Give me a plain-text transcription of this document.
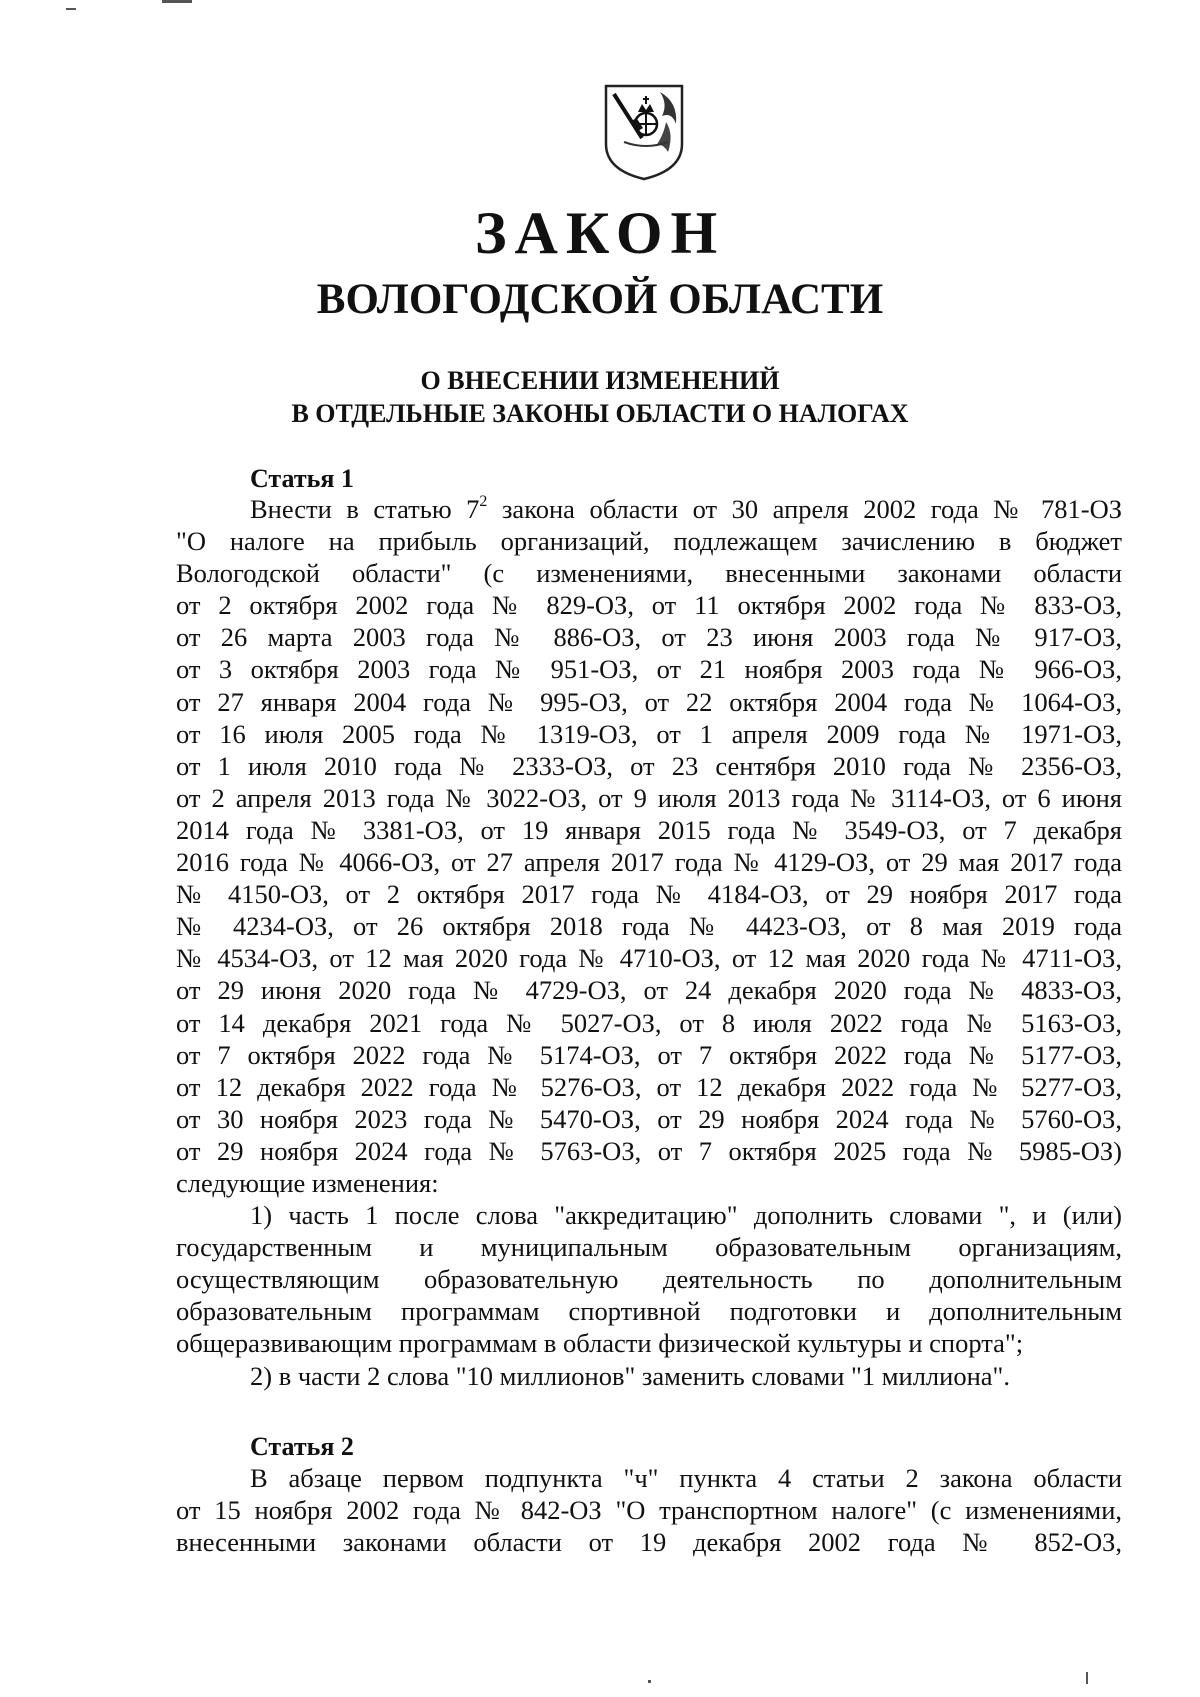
ЗАКОН
ВОЛОГОДСКОЙ ОБЛАСТИ
О ВНЕСЕНИИ ИЗМЕНЕНИЙ
В ОТДЕЛЬНЫЕ ЗАКОНЫ ОБЛАСТИ О НАЛОГАХ
Статья 1

Внести в статью $7^2$ закона области от 30 апреля 2002 года № 781-ОЗ

"О налоге на прибыль организаций, подлежащем зачислению в бюджет

Вологодской области" (с изменениями, внесенными законами области

от 2 октября 2002 года № 829-ОЗ, от 11 октября 2002 года № 833-ОЗ,

от 26 марта 2003 года № 886-ОЗ, от 23 июня 2003 года № 917-ОЗ,

от 3 октября 2003 года № 951-ОЗ, от 21 ноября 2003 года № 966-ОЗ,

от 27 января 2004 года № 995-ОЗ, от 22 октября 2004 года № 1064-ОЗ,

от 16 июля 2005 года № 1319-ОЗ, от 1 апреля 2009 года № 1971-ОЗ,

от 1 июля 2010 года № 2333-ОЗ, от 23 сентября 2010 года № 2356-ОЗ,

от 2 апреля 2013 года № 3022-ОЗ, от 9 июля 2013 года № 3114-ОЗ, от 6 июня

2014 года № 3381-ОЗ, от 19 января 2015 года № 3549-ОЗ, от 7 декабря

2016 года № 4066-ОЗ, от 27 апреля 2017 года № 4129-ОЗ, от 29 мая 2017 года

№ 4150-ОЗ, от 2 октября 2017 года № 4184-ОЗ, от 29 ноября 2017 года

№ 4234-ОЗ, от 26 октября 2018 года № 4423-ОЗ, от 8 мая 2019 года

№ 4534-ОЗ, от 12 мая 2020 года № 4710-ОЗ, от 12 мая 2020 года № 4711-ОЗ,

от 29 июня 2020 года № 4729-ОЗ, от 24 декабря 2020 года № 4833-ОЗ,

от 14 декабря 2021 года № 5027-ОЗ, от 8 июля 2022 года № 5163-ОЗ,

от 7 октября 2022 года № 5174-ОЗ, от 7 октября 2022 года № 5177-ОЗ,

от 12 декабря 2022 года № 5276-ОЗ, от 12 декабря 2022 года № 5277-ОЗ,

от 30 ноября 2023 года № 5470-ОЗ, от 29 ноября 2024 года № 5760-ОЗ,

от 29 ноября 2024 года № 5763-ОЗ, от 7 октября 2025 года № 5985-ОЗ)

следующие изменения:

1) часть 1 после слова "аккредитацию" дополнить словами ", и (или)

государственным и муниципальным образовательным организациям,

осуществляющим образовательную деятельность по дополнительным

образовательным программам спортивной подготовки и дополнительным

общеразвивающим программам в области физической культуры и спорта";

2) в части 2 слова "10 миллионов" заменить словами "1 миллиона".

Статья 2

В абзаце первом подпункта "ч" пункта 4 статьи 2 закона области

от 15 ноября 2002 года № 842-ОЗ "О транспортном налоге" (с изменениями,

внесенными законами области от 19 декабря 2002 года № 852-ОЗ,
